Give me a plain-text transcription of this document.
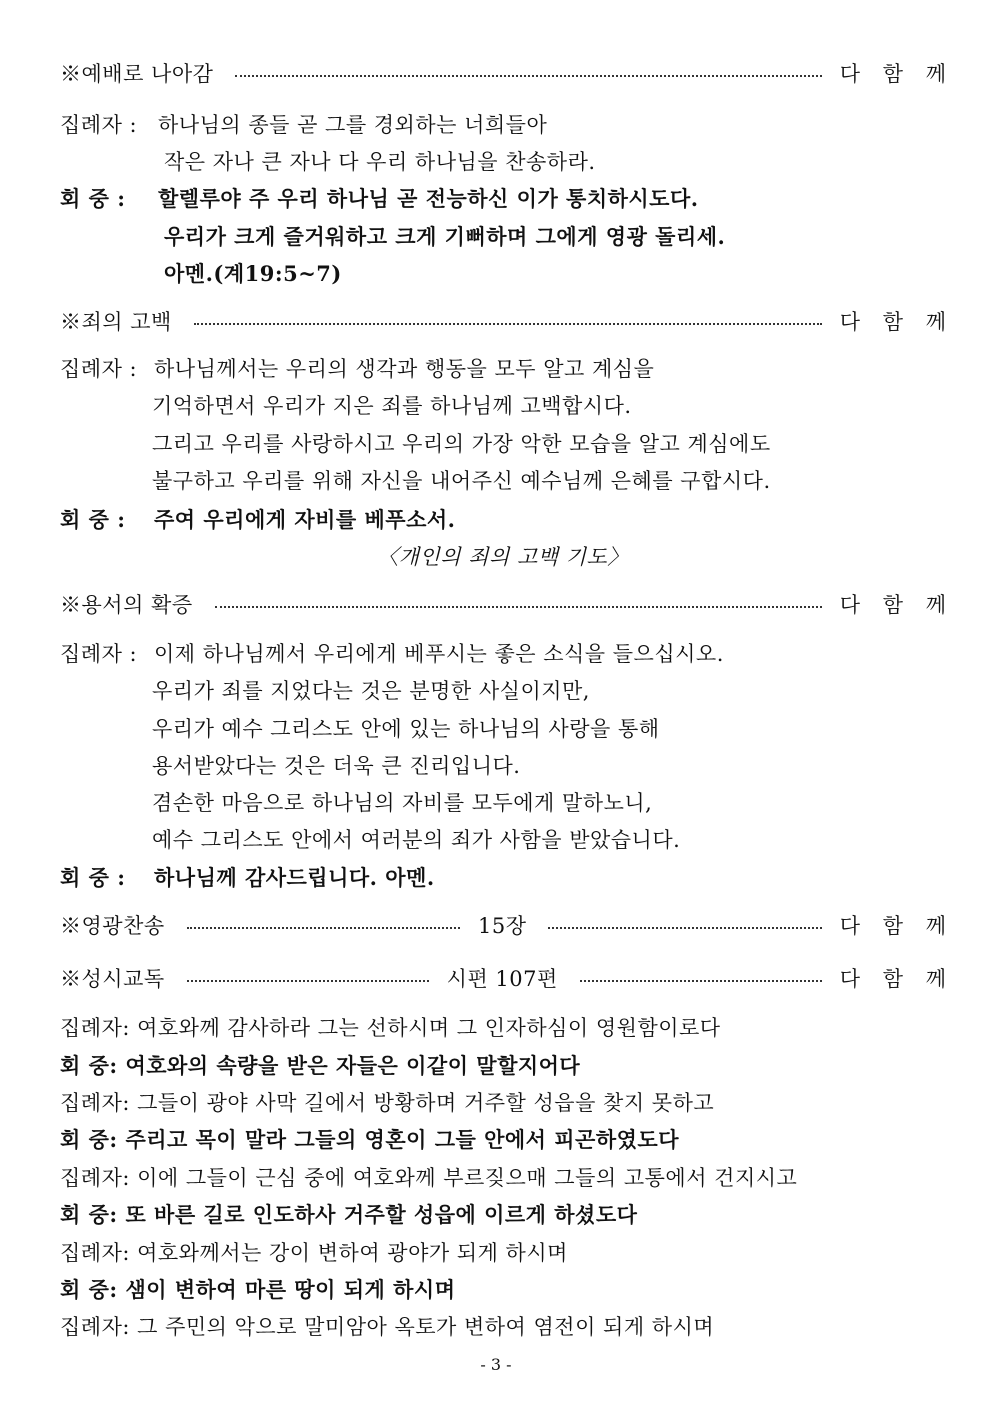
※예배로 나아감	다 함 께
집례자 : 하나님의 종들 곧 그를 경외하는 너희들아
작은 자나 큰 자나 다 우리 하나님을 찬송하라.
회 중 : 할렐루야 주 우리 하나님 곧 전능하신 이가 통치하시도다.
우리가 크게 즐거워하고 크게 기뻐하며 그에게 영광 돌리세.
아멘.(계19:5~7)
※죄의 고백	다 함 께
집례자 : 하나님께서는 우리의 생각과 행동을 모두 알고 계심을
기억하면서 우리가 지은 죄를 하나님께 고백합시다.
그리고 우리를 사랑하시고 우리의 가장 악한 모습을 알고 계심에도
불구하고 우리를 위해 자신을 내어주신 예수님께 은혜를 구합시다.
회 중 : 주여 우리에게 자비를 베푸소서.
〈개인의 죄의 고백 기도〉
※용서의 확증	다 함 께
집례자 : 이제 하나님께서 우리에게 베푸시는 좋은 소식을 들으십시오.
우리가 죄를 지었다는 것은 분명한 사실이지만,
우리가 예수 그리스도 안에 있는 하나님의 사랑을 통해
용서받았다는 것은 더욱 큰 진리입니다.
겸손한 마음으로 하나님의 자비를 모두에게 말하노니,
예수 그리스도 안에서 여러분의 죄가 사함을 받았습니다.
회 중 : 하나님께 감사드립니다. 아멘.
※영광찬송	15장	다 함 께
※성시교독	시편 107편	다 함 께
집례자: 여호와께 감사하라 그는 선하시며 그 인자하심이 영원함이로다
회 중: 여호와의 속량을 받은 자들은 이같이 말할지어다
집례자: 그들이 광야 사막 길에서 방황하며 거주할 성읍을 찾지 못하고
회 중: 주리고 목이 말라 그들의 영혼이 그들 안에서 피곤하였도다
집례자: 이에 그들이 근심 중에 여호와께 부르짖으매 그들의 고통에서 건지시고
회 중: 또 바른 길로 인도하사 거주할 성읍에 이르게 하셨도다
집례자: 여호와께서는 강이 변하여 광야가 되게 하시며
회 중: 샘이 변하여 마른 땅이 되게 하시며
집례자: 그 주민의 악으로 말미암아 옥토가 변하여 염전이 되게 하시며
- 3 -
